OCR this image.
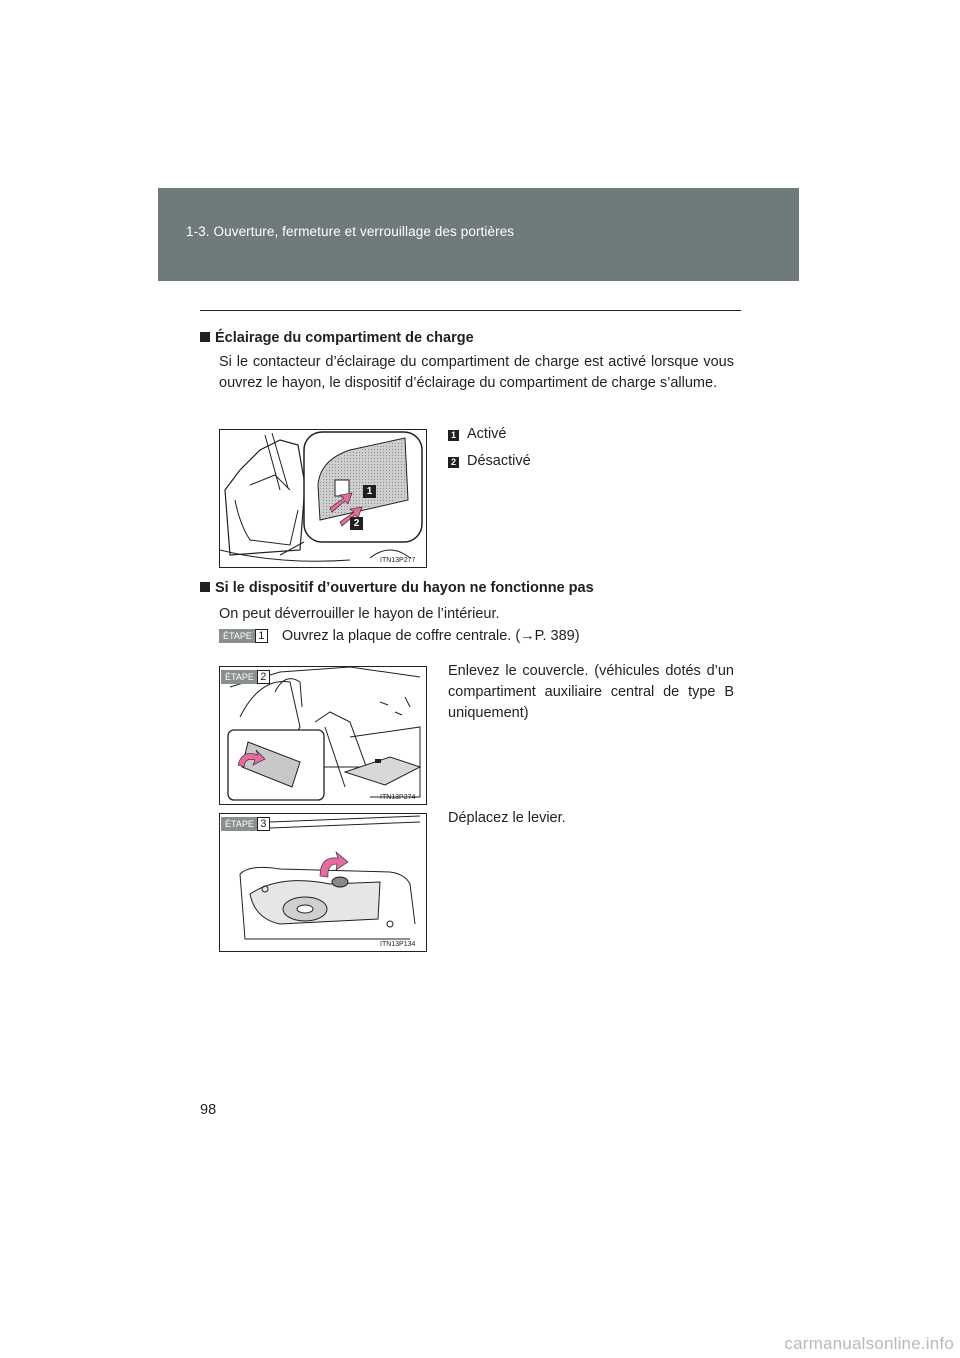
1-3. Ouverture, fermeture et verrouillage des portières
Éclairage du compartiment de charge
Si le contacteur d’éclairage du compartiment de charge est activé lorsque vous ouvrez le hayon, le dispositif d’éclairage du compartiment de charge s’allume.
1
2
ITN13P277
1 Activé
2 Désactivé
Si le dispositif d’ouverture du hayon ne fonctionne pas
On peut déverrouiller le hayon de l’intérieur.
ÉTAPE 1 Ouvrez la plaque de coffre centrale. (→P. 389)
ÉTAPE 2
ITN13P274
Enlevez le couvercle. (véhicules dotés d’un compartiment auxiliaire central de type B uniquement)
ÉTAPE 3
ITN13P134
Déplacez le levier.
98
carmanualsonline.info
